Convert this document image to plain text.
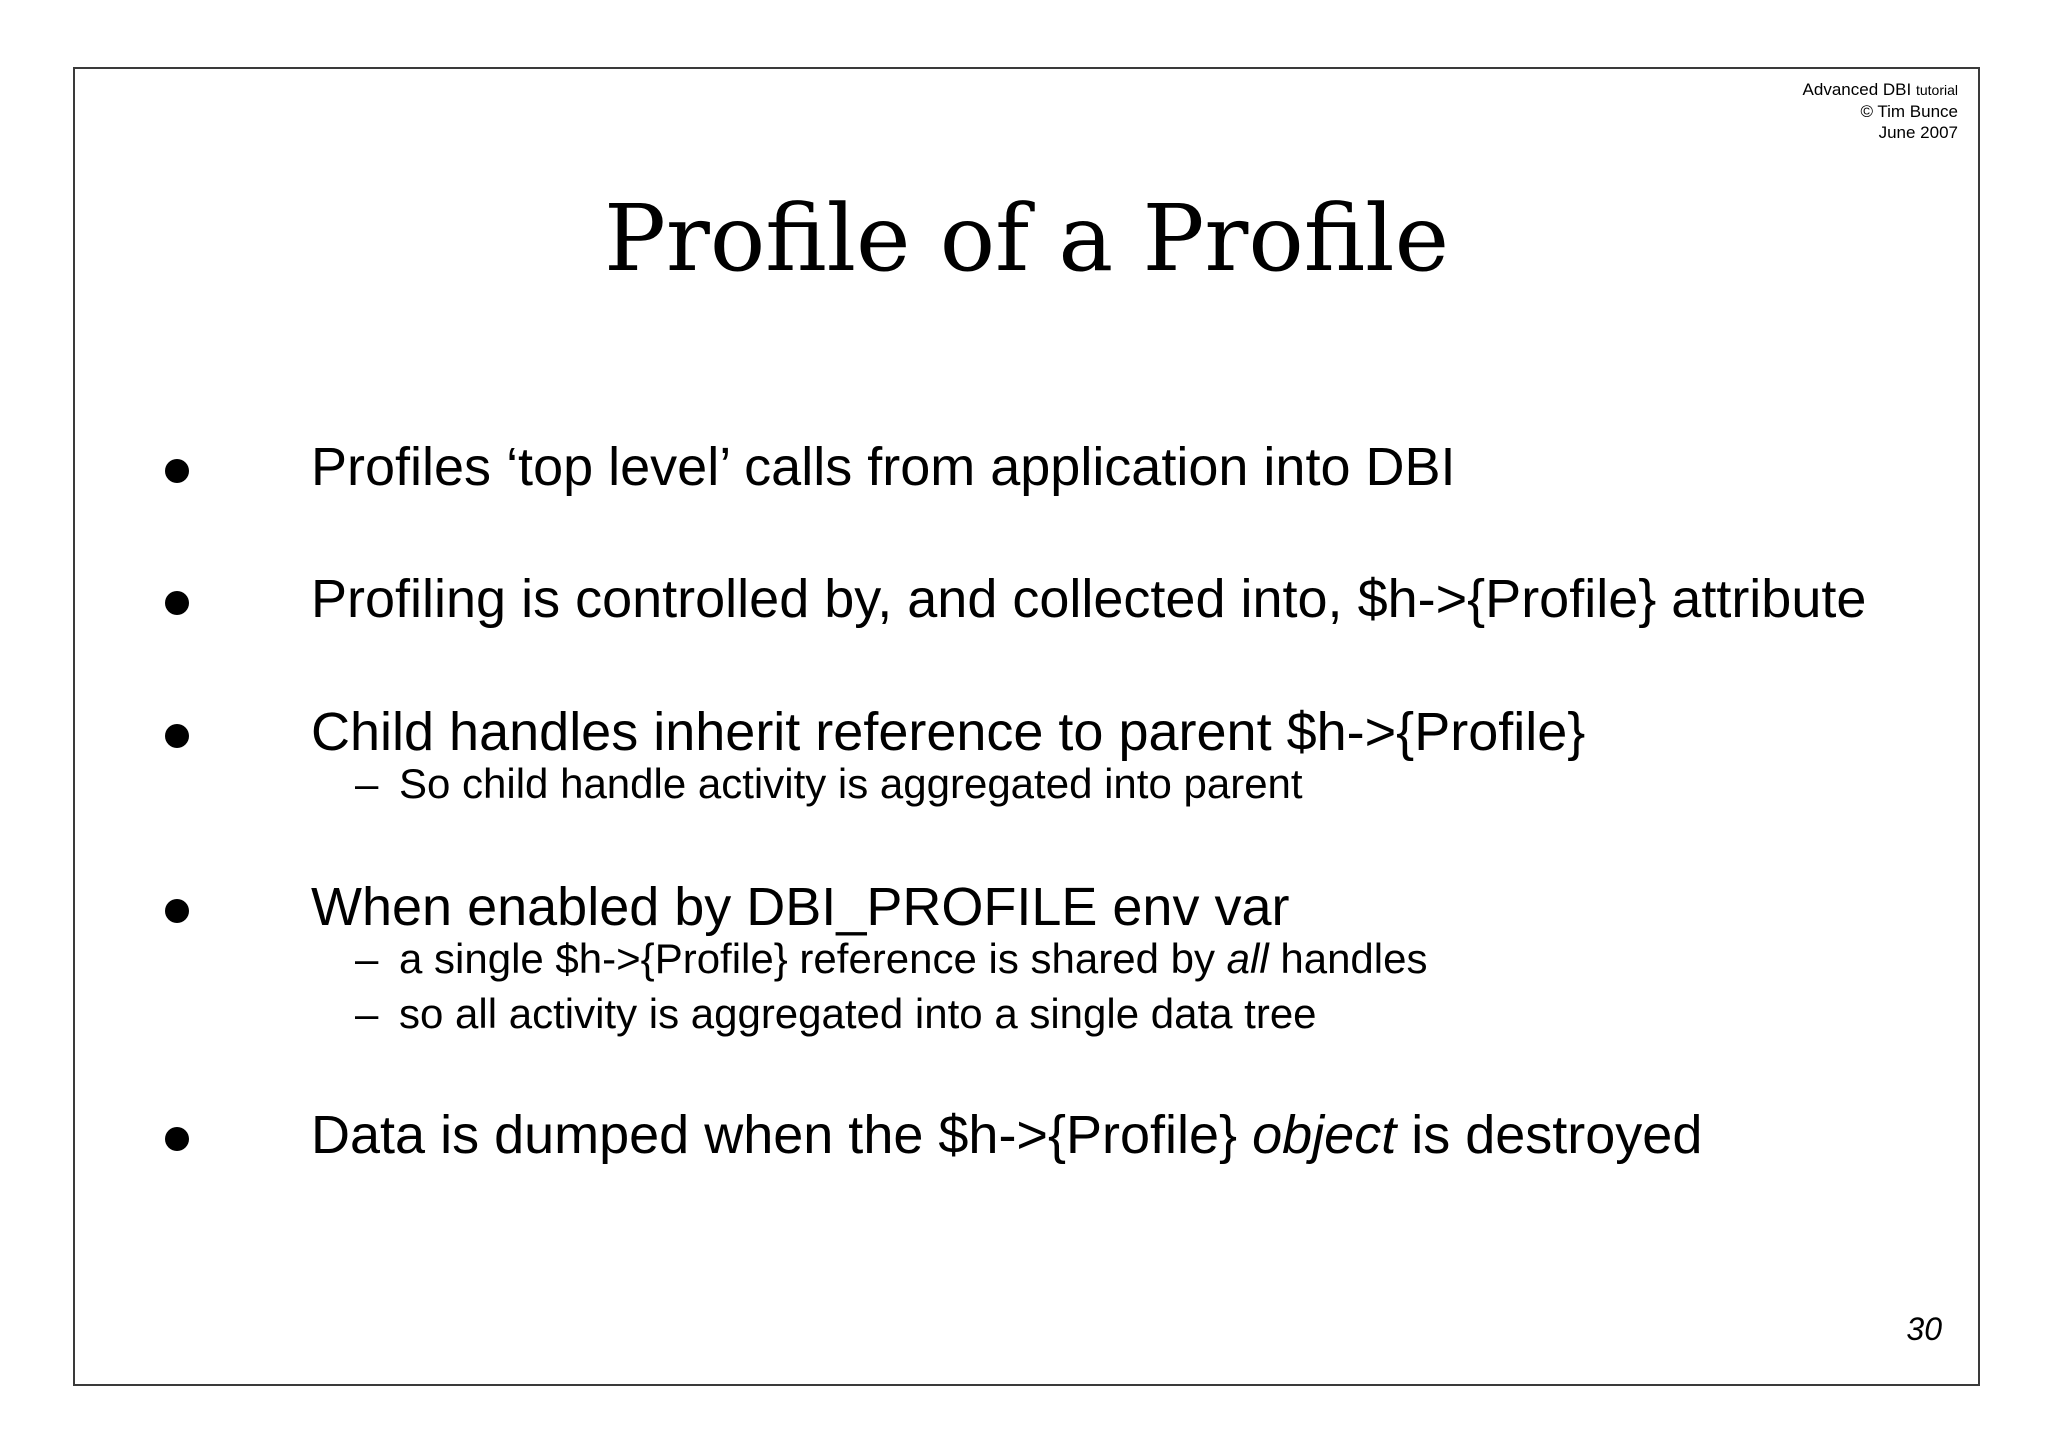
Advanced DBI tutorial
© Tim Bunce
June 2007
Profile of a Profile
Profiles ‘top level’ calls from application into DBI
Profiling is controlled by, and collected into, $h->{Profile} attribute
Child handles inherit reference to parent $h->{Profile}
– So child handle activity is aggregated into parent
When enabled by DBI_PROFILE env var
– a single $h->{Profile} reference is shared by all handles
– so all activity is aggregated into a single data tree
Data is dumped when the $h->{Profile} object is destroyed
30
